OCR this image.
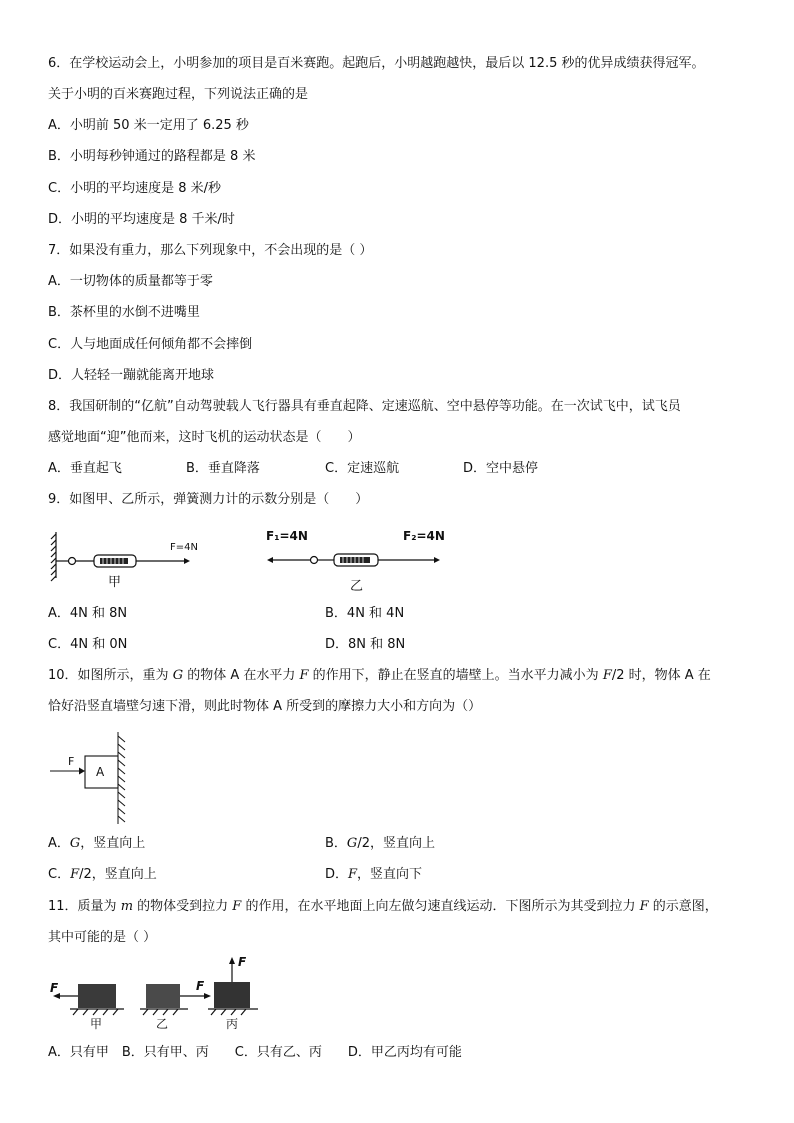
6．在学校运动会上，小明参加的项目是百米赛跑。起跑后，小明越跑越快，最后以 12.5 秒的优异成绩获得冠军。
关于小明的百米赛跑过程，下列说法正确的是
A．小明前 50 米一定用了 6.25 秒
B．小明每秒钟通过的路程都是 8 米
C．小明的平均速度是 8 米/秒
D．小明的平均速度是 8 千米/时
7．如果没有重力，那么下列现象中，不会出现的是（ ）
A．一切物体的质量都等于零
B．茶杯里的水倒不进嘴里
C．人与地面成任何倾角都不会摔倒
D．人轻轻一蹦就能离开地球
8．我国研制的“亿航”自动驾驶载人飞行器具有垂直起降、定速巡航、空中悬停等功能。在一次试飞中，试飞员
感觉地面“迎”他而来，这时飞机的运动状态是（　　）
A．垂直起飞	B．垂直降落	C．定速巡航	D．空中悬停
9．如图甲、乙所示，弹簧测力计的示数分别是（　　）
F=4N
甲
F₁=4N	F₂=4N
乙
A．4N 和 8N	B．4N 和 4N
C．4N 和 0N	D．8N 和 8N
10．如图所示，重为 G 的物体 A 在水平力 F 的作用下，静止在竖直的墙壁上。当水平力减小为 F/2 时，物体 A 在
恰好沿竖直墙壁匀速下滑，则此时物体 A 所受到的摩擦力大小和方向为（）
F
A
A．G，竖直向上	B．G/2，竖直向上
C．F/2，竖直向上	D．F，竖直向下
11．质量为 m 的物体受到拉力 F 的作用，在水平地面上向左做匀速直线运动．下图所示为其受到拉力 F 的示意图，
其中可能的是（ ）
F
甲
F
乙
F
丙
A．只有甲　B．只有甲、丙　　C．只有乙、丙　　D．甲乙丙均有可能
